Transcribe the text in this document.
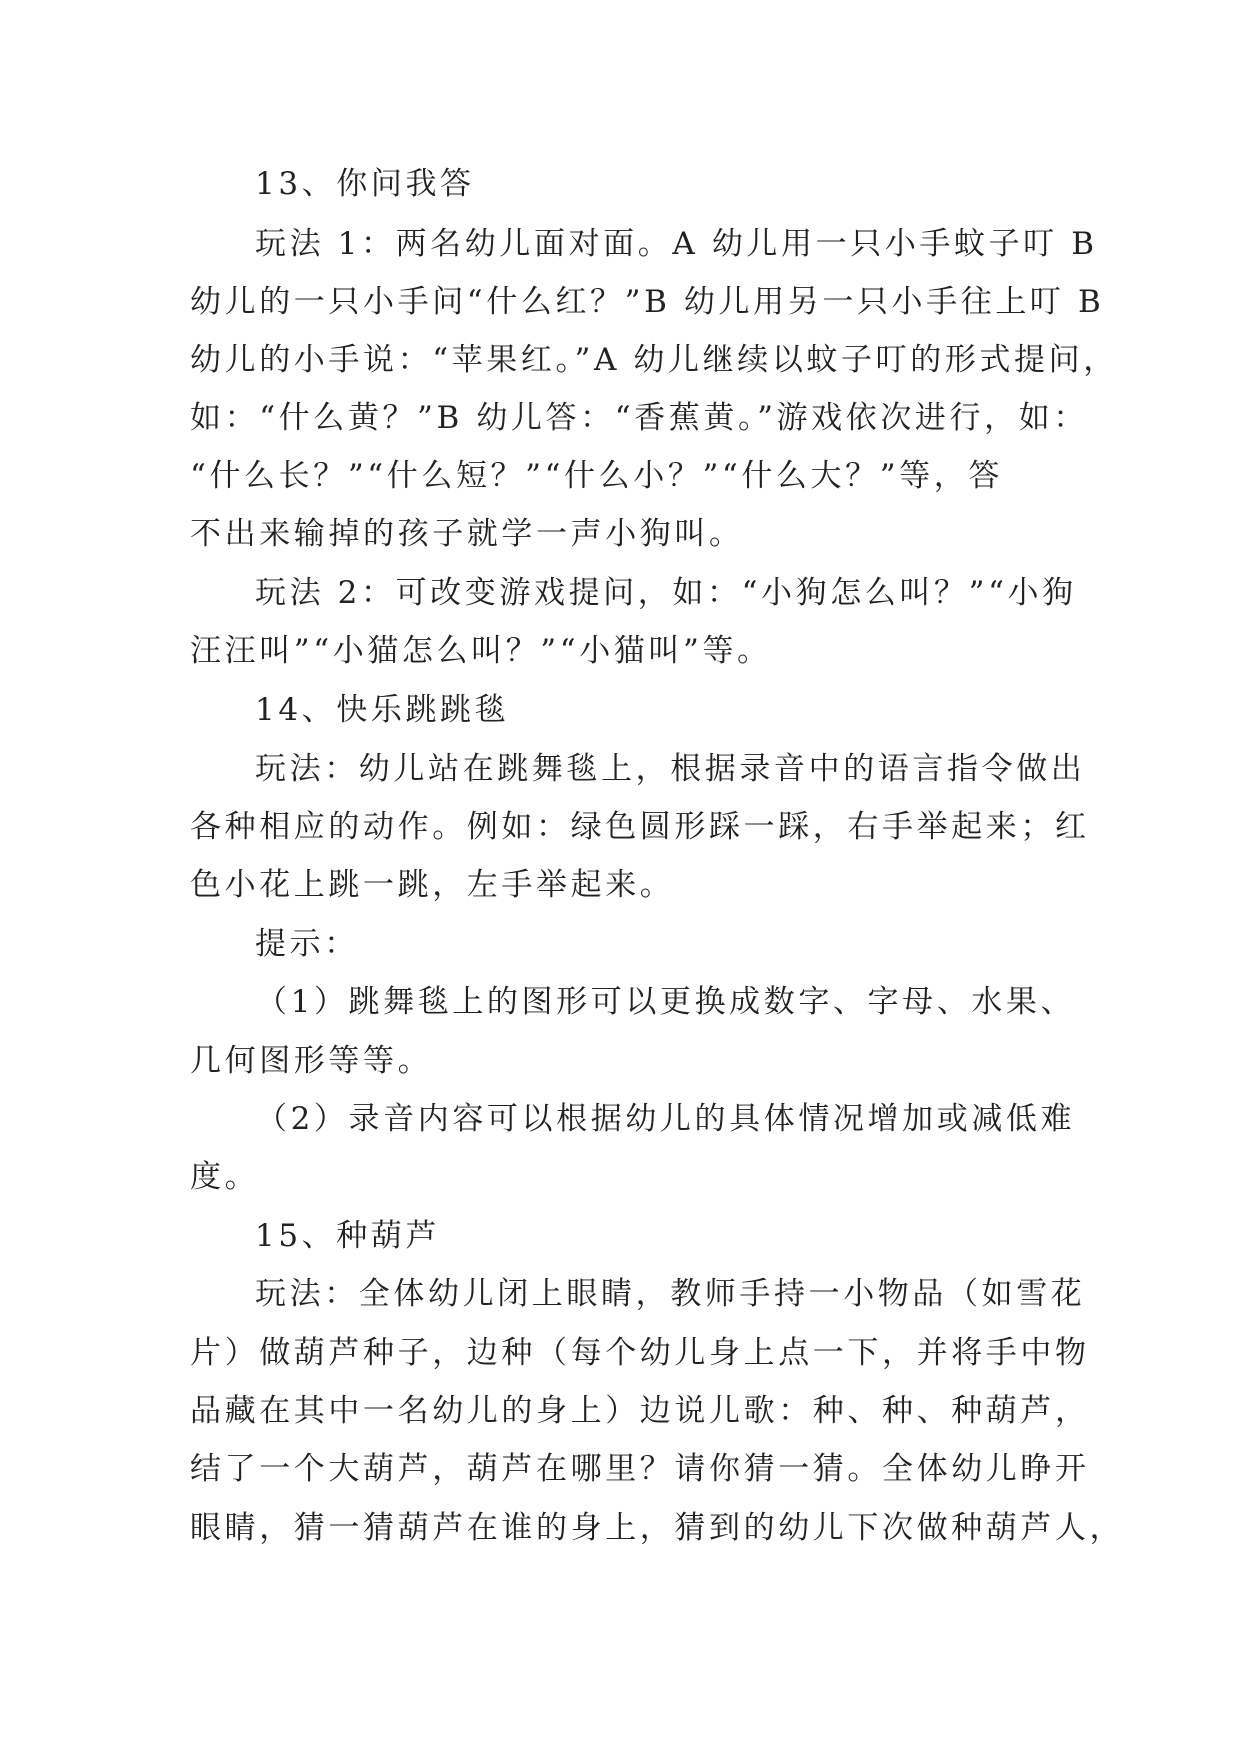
13、你问我答
玩法 1：两名幼儿面对面。A 幼儿用一只小手蚊子叮 B
幼儿的一只小手问“什么红？”B 幼儿用另一只小手往上叮 B
幼儿的小手说：“苹果红。”A 幼儿继续以蚊子叮的形式提问，
如：“什么黄？”B 幼儿答：“香蕉黄。”游戏依次进行，如：
“什么长？”“什么短？”“什么小？”“什么大？”等，答
不出来输掉的孩子就学一声小狗叫。
玩法 2：可改变游戏提问，如：“小狗怎么叫？”“小狗
汪汪叫”“小猫怎么叫？”“小猫叫”等。
14、快乐跳跳毯
玩法：幼儿站在跳舞毯上，根据录音中的语言指令做出
各种相应的动作。例如：绿色圆形踩一踩，右手举起来；红
色小花上跳一跳，左手举起来。
提示：
（1）跳舞毯上的图形可以更换成数字、字母、水果、
几何图形等等。
（2）录音内容可以根据幼儿的具体情况增加或减低难
度。
15、种葫芦
玩法：全体幼儿闭上眼睛，教师手持一小物品（如雪花
片）做葫芦种子，边种（每个幼儿身上点一下，并将手中物
品藏在其中一名幼儿的身上）边说儿歌：种、种、种葫芦，
结了一个大葫芦，葫芦在哪里？请你猜一猜。全体幼儿睁开
眼睛，猜一猜葫芦在谁的身上，猜到的幼儿下次做种葫芦人，
